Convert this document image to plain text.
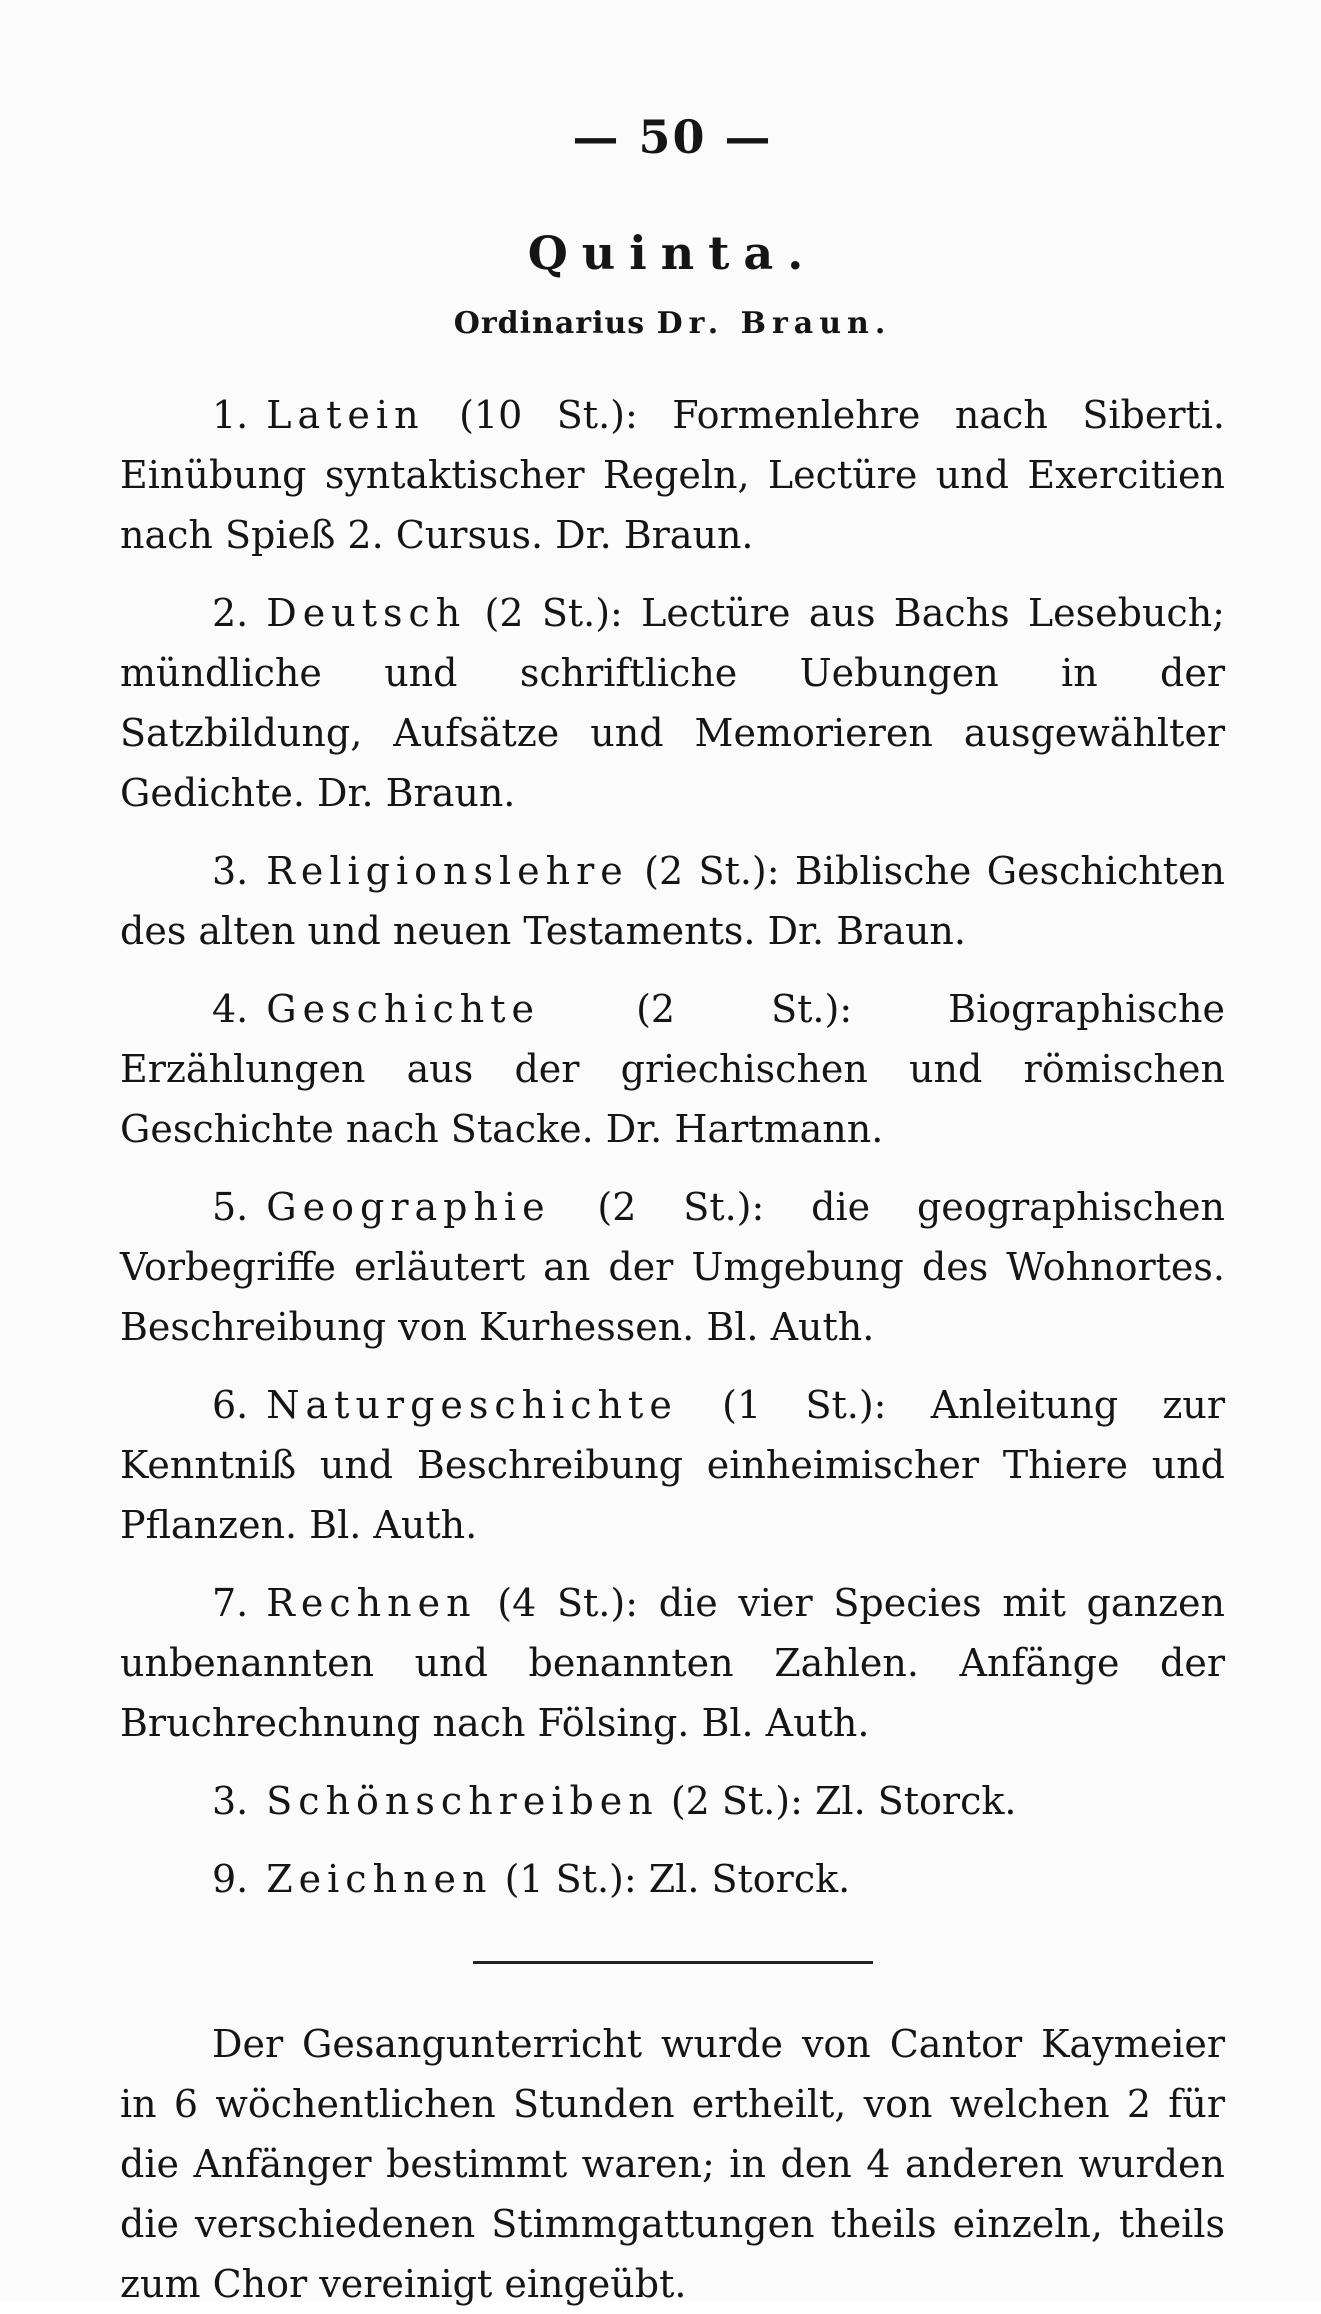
— 50 —
Quinta.
Ordinarius Dr. Braun.

1. Latein (10 St.): Formenlehre nach Siberti. Einübung syntaktischer Regeln, Lectüre und Exercitien nach Spieß 2. Cursus. Dr. Braun.

2. Deutsch (2 St.): Lectüre aus Bachs Lesebuch; mündliche und schriftliche Uebungen in der Satzbildung, Aufsätze und Memorieren ausgewählter Gedichte. Dr. Braun.

3. Religionslehre (2 St.): Biblische Geschichten des alten und neuen Testaments. Dr. Braun.

4. Geschichte (2 St.): Biographische Erzählungen aus der griechischen und römischen Geschichte nach Stacke. Dr. Hartmann.

5. Geographie (2 St.): die geographischen Vorbegriffe erläutert an der Umgebung des Wohnortes. Beschreibung von Kurhessen. Bl. Auth.

6. Naturgeschichte (1 St.): Anleitung zur Kenntniß und Beschreibung einheimischer Thiere und Pflanzen. Bl. Auth.

7. Rechnen (4 St.): die vier Species mit ganzen unbenannten und benannten Zahlen. Anfänge der Bruchrechnung nach Fölsing. Bl. Auth.

3. Schönschreiben (2 St.): Zl. Storck.

9. Zeichnen (1 St.): Zl. Storck.

Der Gesangunterricht wurde von Cantor Kaymeier in 6 wöchentlichen Stunden ertheilt, von welchen 2 für die Anfänger bestimmt waren; in den 4 anderen wurden die verschiedenen Stimmgattungen theils einzeln, theils zum Chor vereinigt eingeübt.
